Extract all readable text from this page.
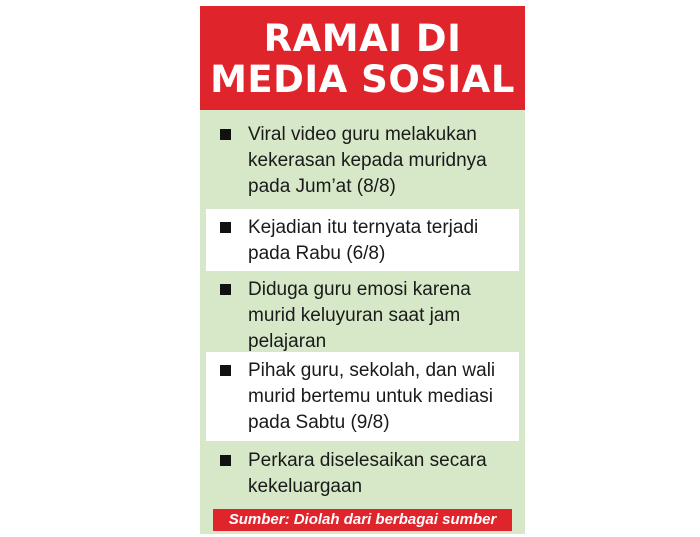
RAMAI DI
MEDIA SOSIAL
Viral video guru melakukan kekerasan kepada muridnya pada Jum’at (8/8)
Kejadian itu ternyata terjadi pada Rabu (6/8)
Diduga guru emosi karena murid keluyuran saat jam pelajaran
Pihak guru, sekolah, dan wali murid bertemu untuk mediasi pada Sabtu (9/8)
Perkara diselesaikan secara kekeluargaan
Sumber: Diolah dari berbagai sumber
